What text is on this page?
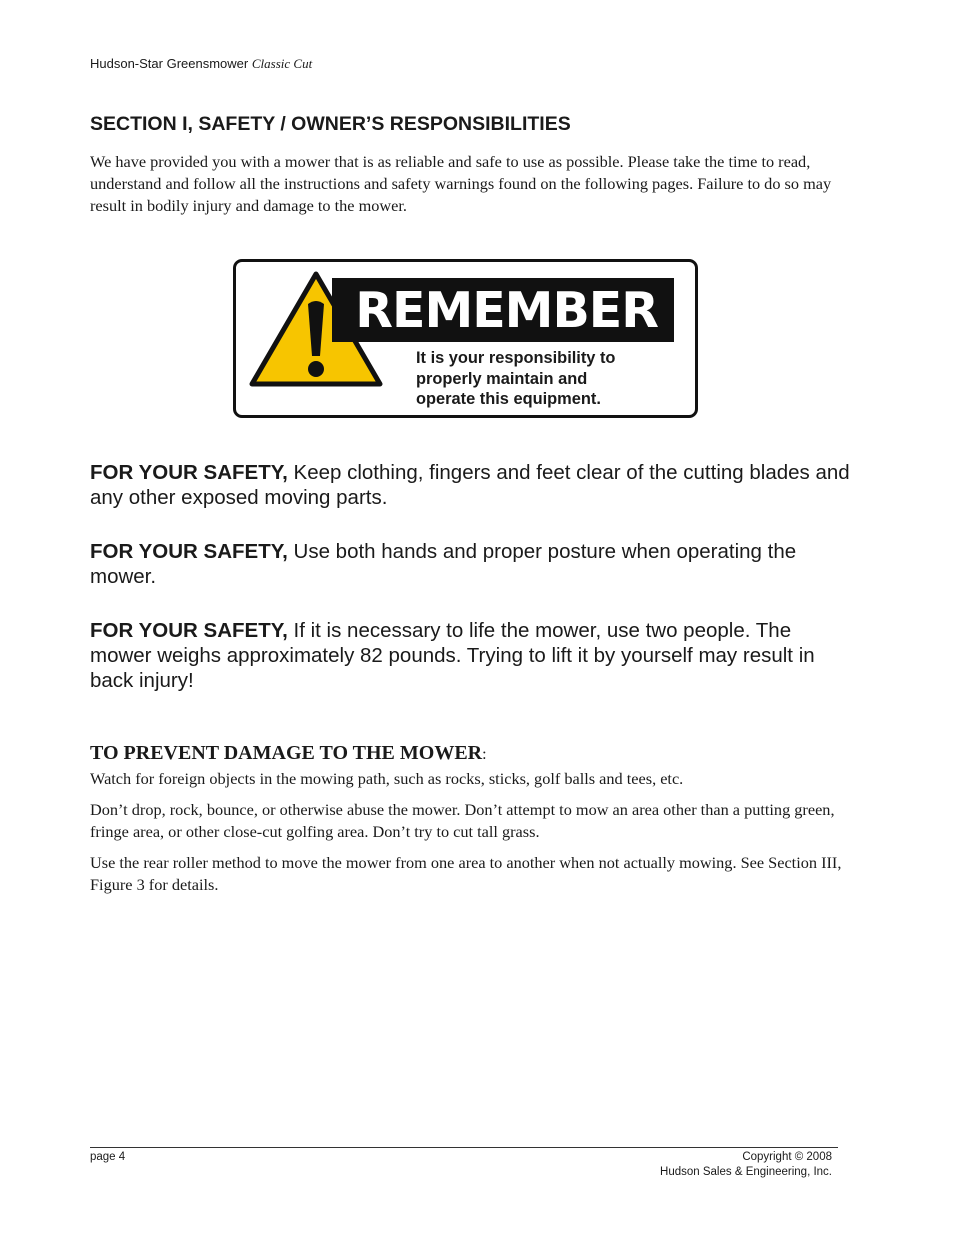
Hudson-Star Greensmower Classic Cut
SECTION I, SAFETY / OWNER’S RESPONSIBILITIES

We have provided you with a mower that is as reliable and safe to use as possible. Please take the time to read, understand and follow all the instructions and safety warnings found on the following pages. Failure to do so may result in bodily injury and damage to the mower.

REMEMBER
It is your responsibility to
properly maintain and
operate this equipment.

FOR YOUR SAFETY, Keep clothing, fingers and feet clear of the cutting blades and any other exposed moving parts.

FOR YOUR SAFETY, Use both hands and proper posture when operating the mower.

FOR YOUR SAFETY, If it is necessary to life the mower, use two people. The mower weighs approximately 82 pounds. Trying to lift it by yourself may result in back injury!

TO PREVENT DAMAGE TO THE MOWER:

Watch for foreign objects in the mowing path, such as rocks, sticks, golf balls and tees, etc.

Don’t drop, rock, bounce, or otherwise abuse the mower. Don’t attempt to mow an area other than a putting green, fringe area, or other close-cut golfing area. Don’t try to cut tall grass.

Use the rear roller method to move the mower from one area to another when not actually mowing. See Section III, Figure 3 for details.

page 4	Copyright © 2008
Hudson Sales & Engineering, Inc.
